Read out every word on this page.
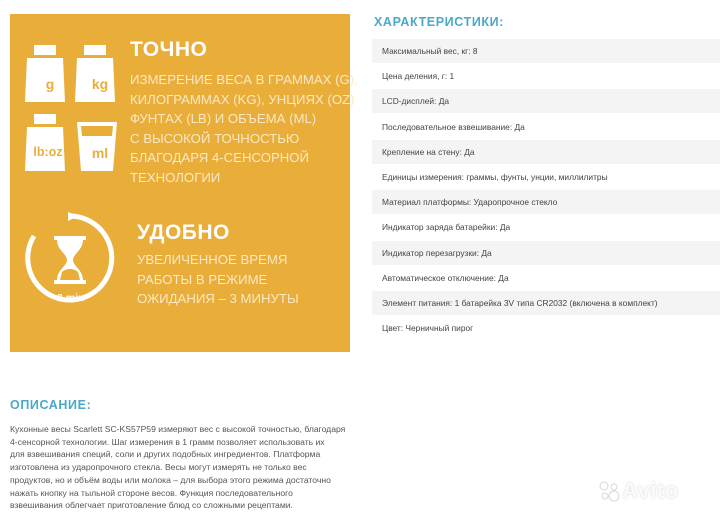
g	kg
lb:oz	ml
ТОЧНО
ИЗМЕРЕНИЕ ВЕСА В ГРАММАХ (G),
КИЛОГРАММАХ (KG), УНЦИЯХ (OZ)
ФУНТАХ (LB) И ОБЪЕМА (ML)
С ВЫСОКОЙ ТОЧНОСТЬЮ
БЛАГОДАРЯ 4-СЕНСОРНОЙ
ТЕХНОЛОГИИ
3 min
УДОБНО
УВЕЛИЧЕННОЕ ВРЕМЯ
РАБОТЫ В РЕЖИМЕ
ОЖИДАНИЯ – 3 МИНУТЫ
ХАРАКТЕРИСТИКИ:
Максимальный вес, кг: 8
Цена деления, г: 1
LCD-дисплей: Да
Последовательное взвешивание: Да
Крепление на стену: Да
Единицы измерения: граммы, фунты, унции, миллилитры
Материал платформы: Ударопрочное стекло
Индикатор заряда батарейки: Да
Индикатор перезагрузки: Да
Автоматическое отключение: Да
Элемент питания: 1 батарейка 3V типа CR2032 (включена в комплект)
Цвет: Черничный пирог
ОПИСАНИЕ:
Кухонные весы Scarlett SC-KS57P59 измеряют вес с высокой точностью, благодаря
4-сенсорной технологии. Шаг измерения в 1 грамм позволяет использовать их
для взвешивания специй, соли и других подобных ингредиентов. Платформа
изготовлена из ударопрочного стекла. Весы могут измерять не только вес
продуктов, но и объём воды или молока – для выбора этого режима достаточно
нажать кнопку на тыльной стороне весов. Функция последовательного
взвешивания облегчает приготовление блюд со сложными рецептами.
Avito
